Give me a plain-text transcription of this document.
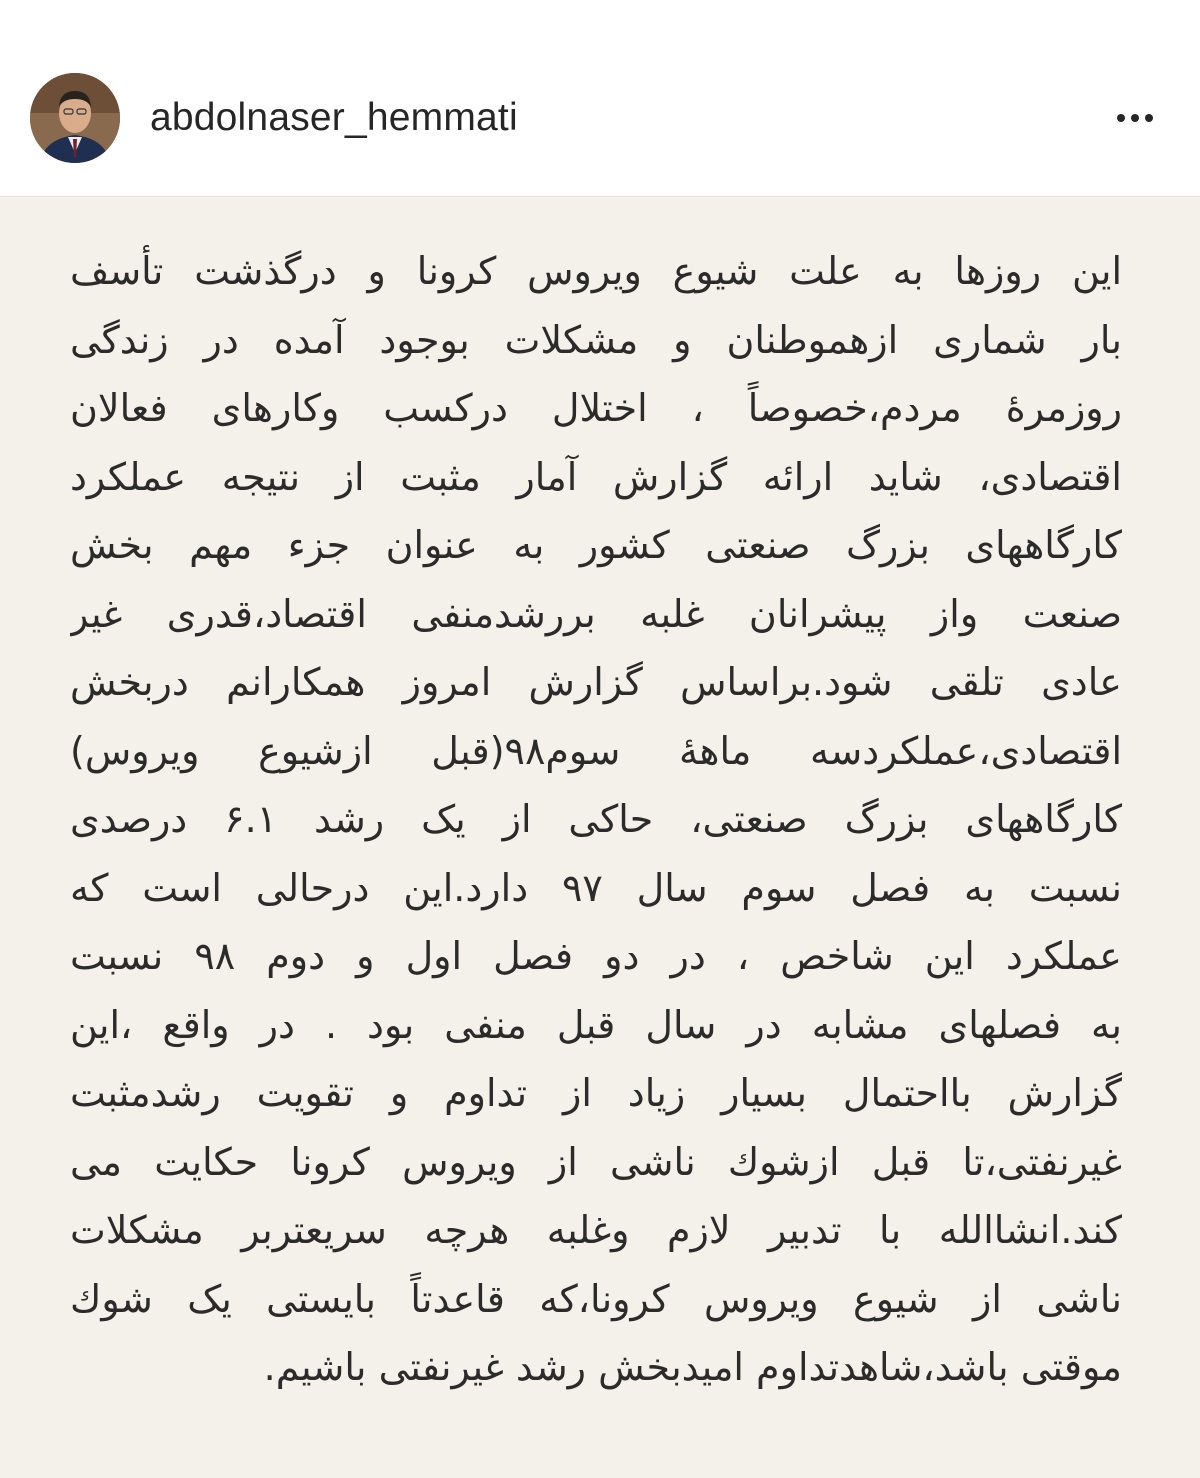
abdolnaser_hemmati
این روزها به علت شیوع ویروس کرونا و درگذشت تأسف
بار شماری ازهموطنان و مشکلات بوجود آمده در زندگی
روزمرۀ مردم،خصوصاً ، اختلال درکسب وکارهای فعالان
اقتصادی، شاید ارائه گزارش آمار مثبت از نتیجه عملکرد
کارگاههای بزرگ صنعتی کشور به عنوان جزء مهم بخش
صنعت واز پیشرانان غلبه بررشدمنفی اقتصاد،قدری غیر
عادی تلقی شود.براساس گزارش امروز همکارانم دربخش
اقتصادی،عملکردسه ماهۀ سوم۹۸(قبل ازشیوع ویروس)
کارگاههای بزرگ صنعتی، حاکی از یک رشد ۶.۱ درصدی
نسبت به فصل سوم سال ۹۷ دارد.این درحالی است که
عملکرد این شاخص ، در دو فصل اول و دوم ۹۸ نسبت
به فصلهای مشابه در سال قبل منفی بود . در واقع ،این
گزارش بااحتمال بسیار زیاد از تداوم و تقویت رشدمثبت
غیرنفتی،تا قبل ازشوك ناشی از ویروس کرونا حکایت می
کند.انشاالله با تدبیر لازم وغلبه هرچه سریعتربر مشکلات
ناشی از شیوع ویروس کرونا،که قاعدتاً بایستی یک شوك
موقتی باشد،شاهدتداوم امیدبخش رشد غیرنفتی باشیم.
